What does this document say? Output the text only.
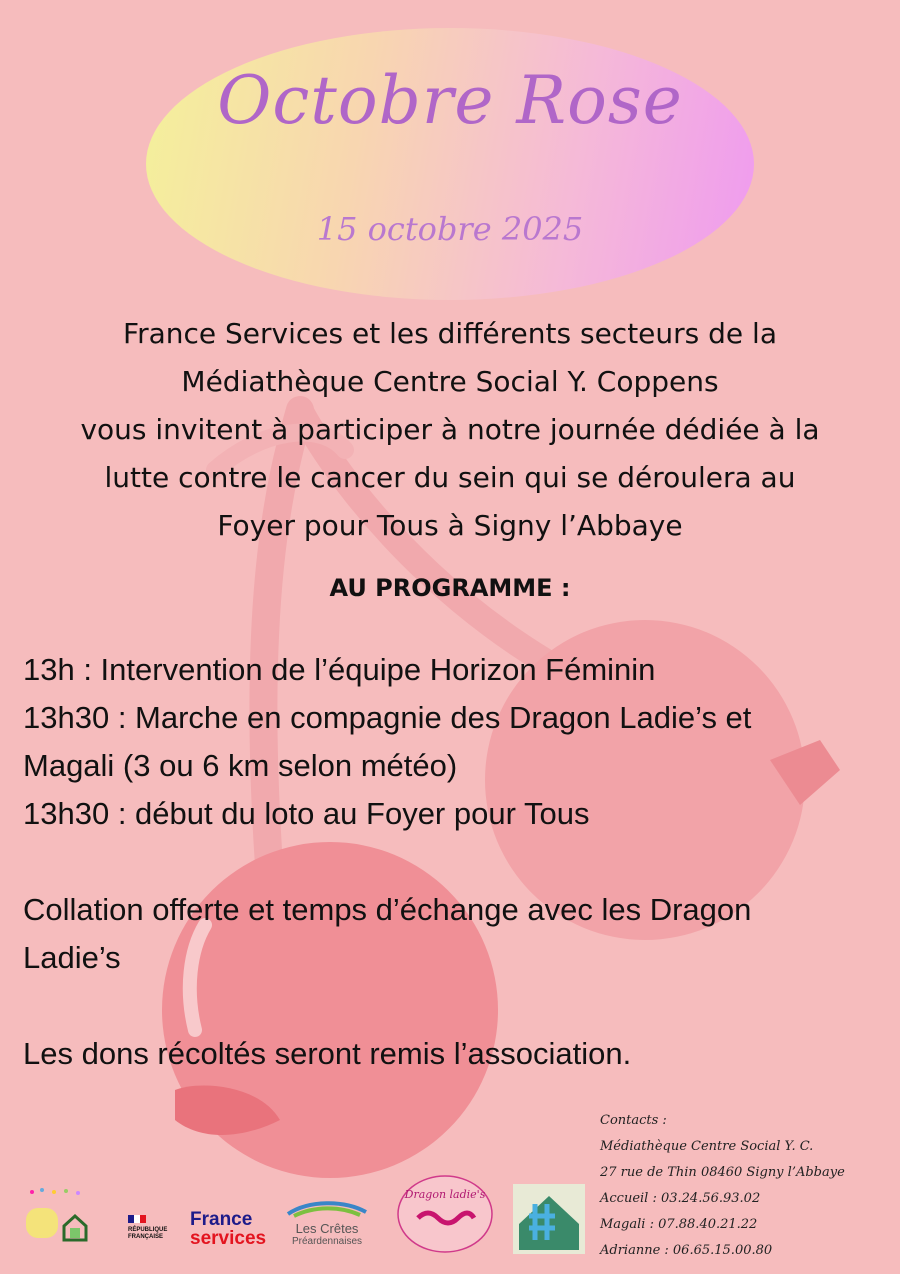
Octobre Rose
15 octobre 2025
France Services et les différents secteurs de la
Médiathèque Centre Social Y. Coppens
vous invitent à participer à notre journée dédiée à la
lutte contre le cancer du sein qui se déroulera au
Foyer pour Tous à Signy l’Abbaye
AU PROGRAMME :
13h : Intervention de l’équipe Horizon Féminin
13h30 : Marche en compagnie des Dragon Ladie’s et
Magali (3 ou 6 km selon météo)
13h30 : début du loto au Foyer pour Tous
Collation offerte et temps d’échange avec les Dragon
Ladie’s
Les dons récoltés seront remis l’association.
Contacts :
Médiathèque Centre Social Y. C.
27 rue de Thin 08460 Signy l’Abbaye
Accueil : 03.24.56.93.02
Magali : 07.88.40.21.22
Adrianne : 06.65.15.00.80
RÉPUBLIQUE
FRANÇAISE
France
services	Les Crêtes
Préardennaises
Dragon ladie's
